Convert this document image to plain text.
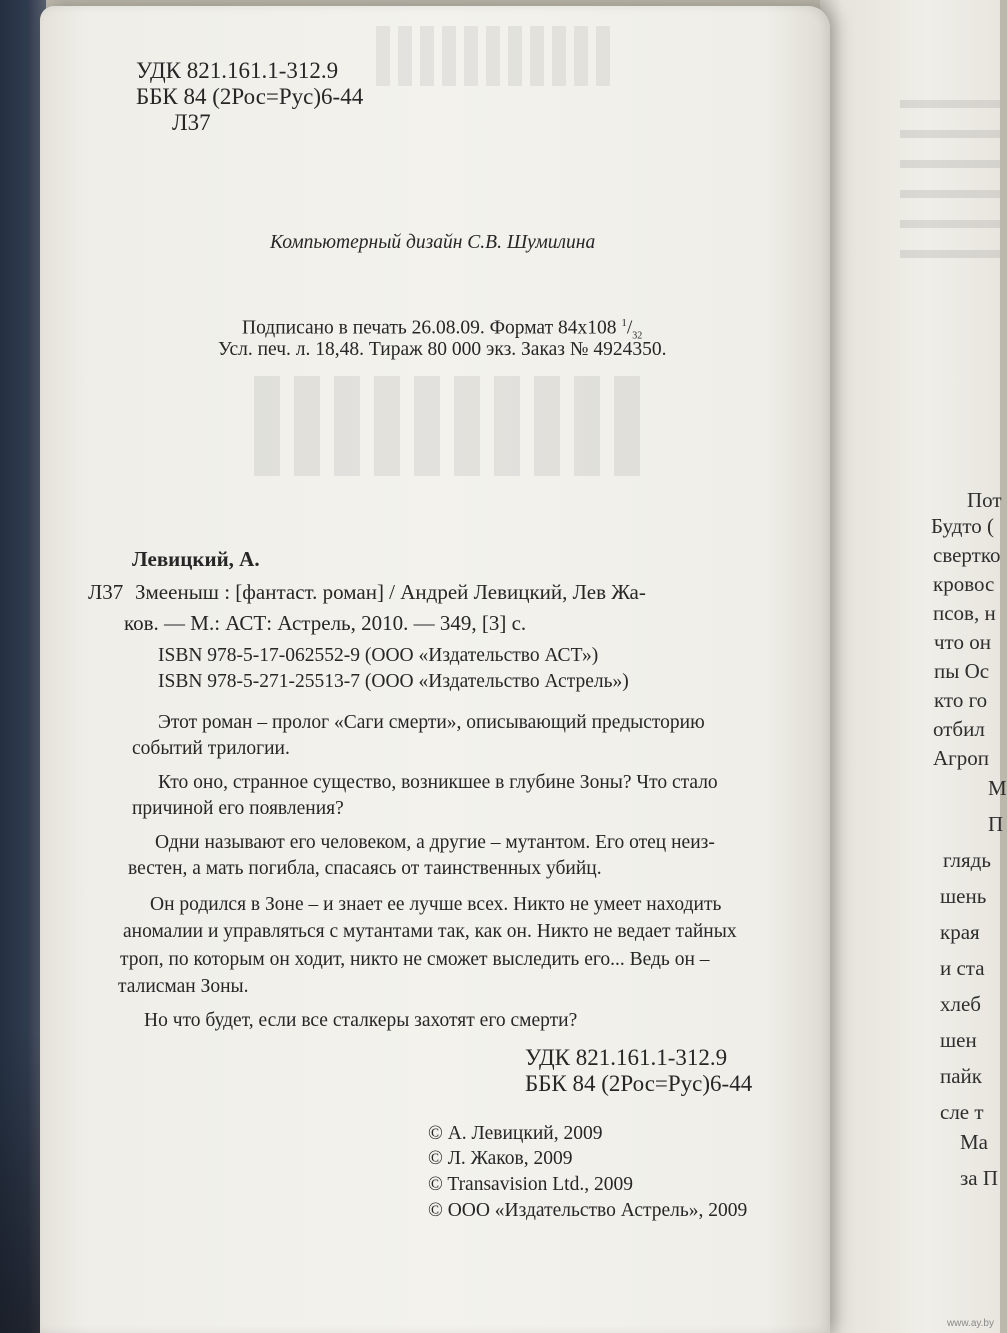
Пот
Будто (
свертко
кровос
псов, н
что он
пы Ос
кто го
отбил
Агроп
М
П
глядь
шень
края
и ста
хлеб
шен
пайк
сле т
Ма
за П
УДК 821.161.1-312.9
ББК 84 (2Рос=Рус)6-44
Л37
Компьютерный дизайн С.В. Шумилина
Подписано в печать 26.08.09. Формат 84x108 $^1/_{32}$
Усл. печ. л. 18,48. Тираж 80 000 экз. Заказ № 4924350.
Левицкий, А.
Л37 Змееныш : [фантаст. роман] / Андрей Левицкий, Лев Жа-
ков. — М.: АСТ: Астрель, 2010. — 349, [3] с.
ISBN 978-5-17-062552-9 (ООО «Издательство АСТ»)
ISBN 978-5-271-25513-7 (ООО «Издательство Астрель»)
Этот роман – пролог «Саги смерти», описывающий предысторию
событий трилогии.
Кто оно, странное существо, возникшее в глубине Зоны? Что стало
причиной его появления?
Одни называют его человеком, а другие – мутантом. Его отец неиз-
вестен, а мать погибла, спасаясь от таинственных убийц.
Он родился в Зоне – и знает ее лучше всех. Никто не умеет находить
аномалии и управляться с мутантами так, как он. Никто не ведает тайных
троп, по которым он ходит, никто не сможет выследить его... Ведь он –
талисман Зоны.
Но что будет, если все сталкеры захотят его смерти?
УДК 821.161.1-312.9
ББК 84 (2Рос=Рус)6-44
© А. Левицкий, 2009
© Л. Жаков, 2009
© Transavision Ltd., 2009
© ООО «Издательство Астрель», 2009
www.ay.by
